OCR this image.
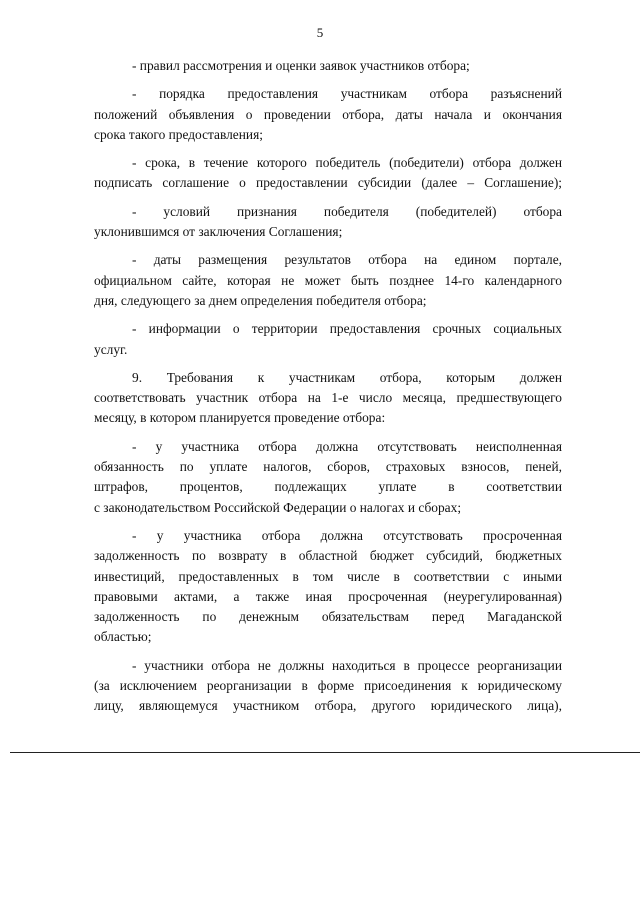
5
- правил рассмотрения и оценки заявок участников отбора;
- порядка предоставления участникам отбора разъяснений
положений объявления о проведении отбора, даты начала и окончания
срока такого предоставления;
- срока, в течение которого победитель (победители) отбора должен
подписать соглашение о предоставлении субсидии (далее – Соглашение);
- условий признания победителя (победителей) отбора
уклонившимся от заключения Соглашения;
- даты размещения результатов отбора на едином портале,
официальном сайте, которая не может быть позднее 14-го календарного
дня, следующего за днем определения победителя отбора;
- информации о территории предоставления срочных социальных
услуг.
9. Требования к участникам отбора, которым должен
соответствовать участник отбора на 1-е число месяца, предшествующего
месяцу, в котором планируется проведение отбора:
- у участника отбора должна отсутствовать неисполненная
обязанность по уплате налогов, сборов, страховых взносов, пеней,
штрафов, процентов, подлежащих уплате в соответствии
с законодательством Российской Федерации о налогах и сборах;
- у участника отбора должна отсутствовать просроченная
задолженность по возврату в областной бюджет субсидий, бюджетных
инвестиций, предоставленных в том числе в соответствии с иными
правовыми актами, а также иная просроченная (неурегулированная)
задолженность по денежным обязательствам перед Магаданской
областью;
- участники отбора не должны находиться в процессе реорганизации
(за исключением реорганизации в форме присоединения к юридическому
лицу, являющемуся участником отбора, другого юридического лица),
